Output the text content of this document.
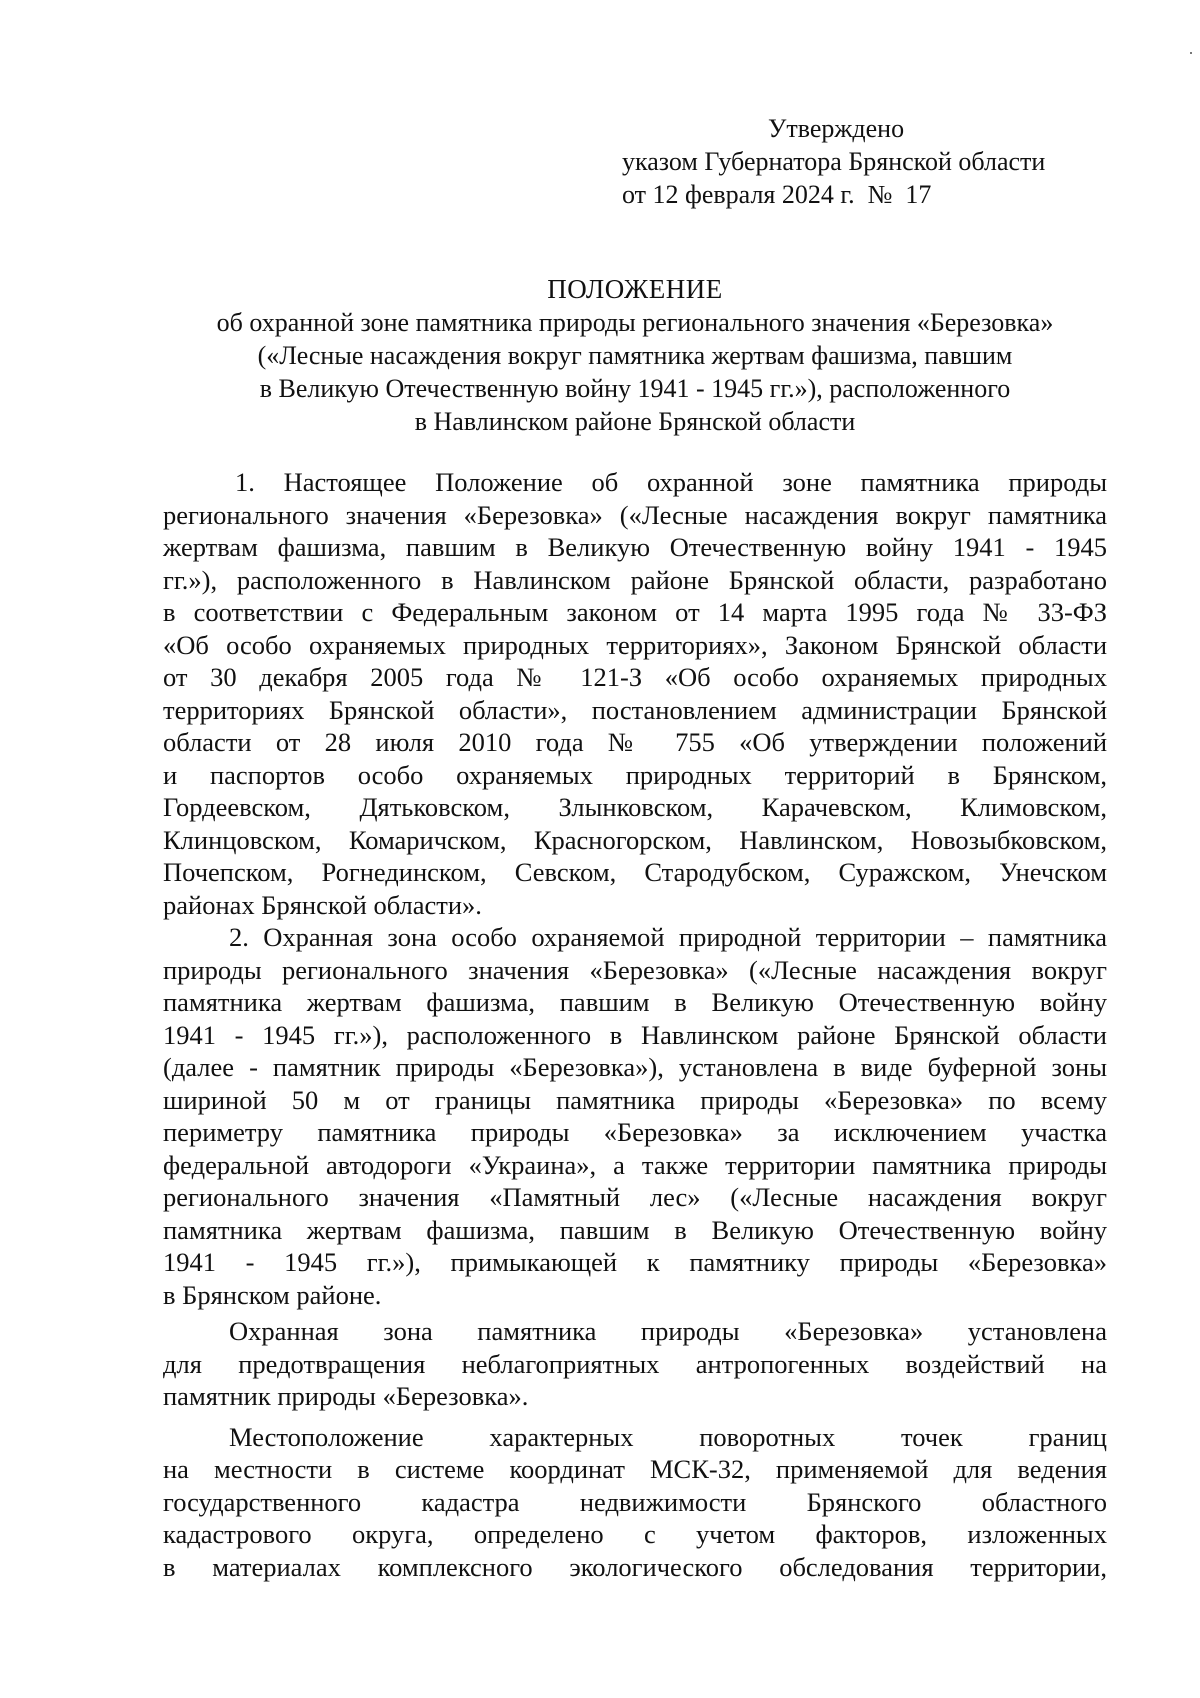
Утверждено
указом Губернатора Брянской области
от 12 февраля 2024 г.  №  17
ПОЛОЖЕНИЕ
об охранной зоне памятника природы регионального значения «Березовка»
(«Лесные насаждения вокруг памятника жертвам фашизма, павшим
в Великую Отечественную войну 1941 - 1945 гг.»), расположенного
в Навлинском районе Брянской области
1. Настоящее Положение об охранной зоне памятника природы
регионального значения «Березовка» («Лесные насаждения вокруг памятника
жертвам фашизма, павшим в Великую Отечественную войну 1941 - 1945
гг.»), расположенного в Навлинском районе Брянской области, разработано
в соответствии с Федеральным законом от 14 марта 1995 года № 33-ФЗ
«Об особо охраняемых природных территориях», Законом Брянской области
от 30 декабря 2005 года № 121-З «Об особо охраняемых природных
территориях Брянской области», постановлением администрации Брянской
области от 28 июля 2010 года № 755 «Об утверждении положений
и паспортов особо охраняемых природных территорий в Брянском,
Гордеевском, Дятьковском, Злынковском, Карачевском, Климовском,
Клинцовском, Комаричском, Красногорском, Навлинском, Новозыбковском,
Почепском, Рогнединском, Севском, Стародубском, Суражском, Унечском
районах Брянской области».
2. Охранная зона особо охраняемой природной территории – памятника
природы регионального значения «Березовка» («Лесные насаждения вокруг
памятника жертвам фашизма, павшим в Великую Отечественную войну
1941 - 1945 гг.»), расположенного в Навлинском районе Брянской области
(далее - памятник природы «Березовка»), установлена в виде буферной зоны
шириной 50 м от границы памятника природы «Березовка» по всему
периметру памятника природы «Березовка» за исключением участка
федеральной автодороги «Украина», а также территории памятника природы
регионального значения «Памятный лес» («Лесные насаждения вокруг
памятника жертвам фашизма, павшим в Великую Отечественную войну
1941 - 1945 гг.»), примыкающей к памятнику природы «Березовка»
в Брянском районе.
Охранная зона памятника природы «Березовка» установлена
для предотвращения неблагоприятных антропогенных воздействий на
памятник природы «Березовка».
Местоположение характерных поворотных точек границ
на местности в системе координат МСК-32, применяемой для ведения
государственного кадастра недвижимости Брянского областного
кадастрового округа, определено с учетом факторов, изложенных
в материалах комплексного экологического обследования территории,
